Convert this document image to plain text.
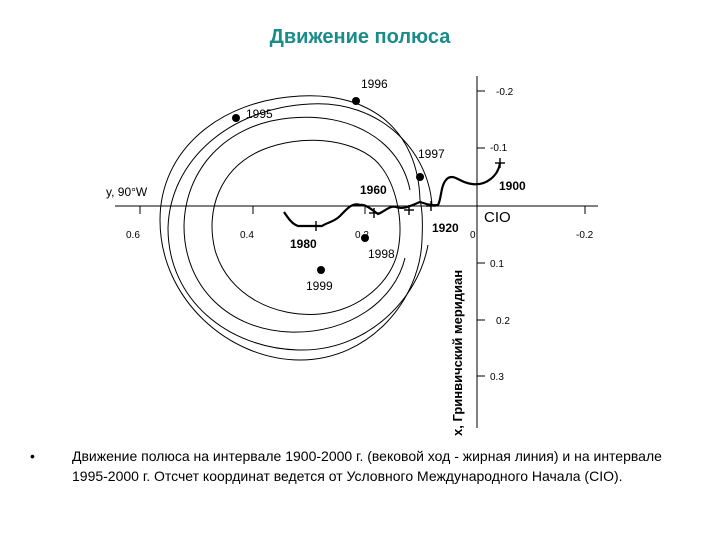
Движение полюса
0.6	0.4	0.2	-0.2
0
-0.2
-0.1
0.1
0.2
0.3
y, 90°W
CIO
x, Гринвичский меридиан
1900
1920
1960
1980
1995
1996
1997
1998
1999
•	Движение полюса на интервале 1900-2000 г. (вековой ход - жирная линия) и на интервале 1995-2000 г. Отсчет координат ведется от Условного Международного Начала (CIO).
